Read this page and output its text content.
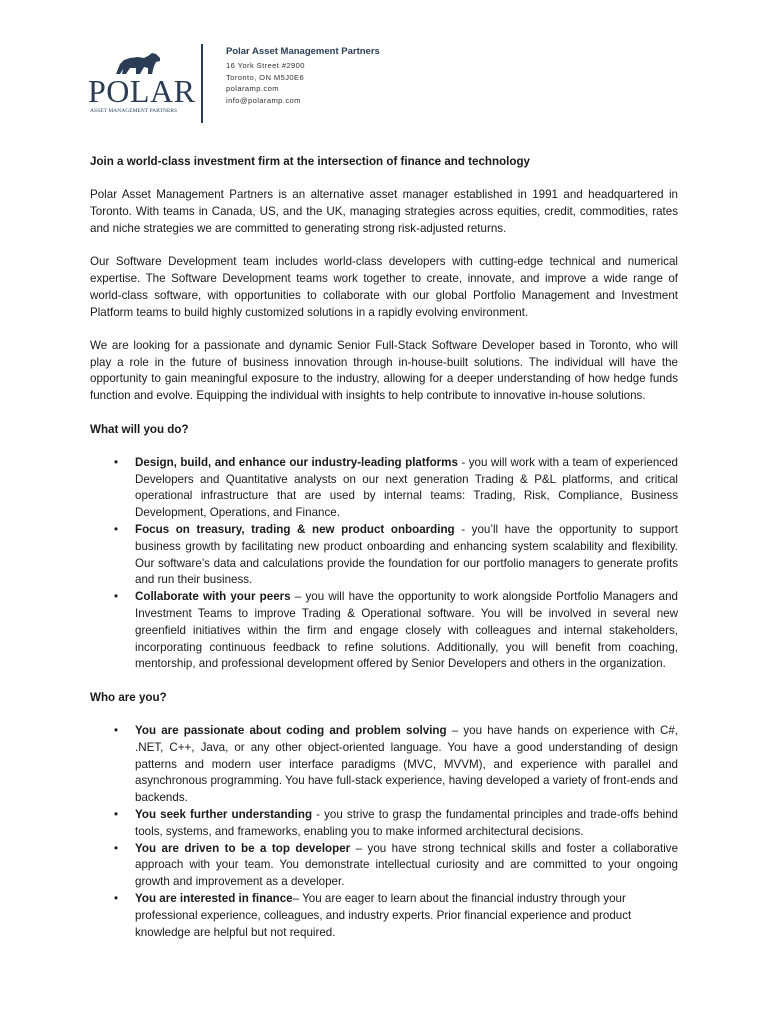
POLAR
ASSET MANAGEMENT PARTNERS
Polar Asset Management Partners
16 York Street #2900
Toronto, ON M5J0E6
polaramp.com
info@polaramp.com
Join a world-class investment firm at the intersection of finance and technology

Polar Asset Management Partners is an alternative asset manager established in 1991 and headquartered in Toronto. With teams in Canada, US, and the UK, managing strategies across equities, credit, commodities, rates and niche strategies we are committed to generating strong risk-adjusted returns.

Our Software Development team includes world-class developers with cutting-edge technical and numerical expertise. The Software Development teams work together to create, innovate, and improve a wide range of world-class software, with opportunities to collaborate with our global Portfolio Management and Investment Platform teams to build highly customized solutions in a rapidly evolving environment.

We are looking for a passionate and dynamic Senior Full-Stack Software Developer based in Toronto, who will play a role in the future of business innovation through in-house-built solutions. The individual will have the opportunity to gain meaningful exposure to the industry, allowing for a deeper understanding of how hedge funds function and evolve. Equipping the individual with insights to help contribute to innovative in-house solutions.

What will you do?
• Design, build, and enhance our industry-leading platforms - you will work with a team of experienced Developers and Quantitative analysts on our next generation Trading & P&L platforms, and critical operational infrastructure that are used by internal teams: Trading, Risk, Compliance, Business Development, Operations, and Finance.
• Focus on treasury, trading & new product onboarding - you’ll have the opportunity to support business growth by facilitating new product onboarding and enhancing system scalability and flexibility. Our software’s data and calculations provide the foundation for our portfolio managers to generate profits and run their business.
• Collaborate with your peers – you will have the opportunity to work alongside Portfolio Managers and Investment Teams to improve Trading & Operational software. You will be involved in several new greenfield initiatives within the firm and engage closely with colleagues and internal stakeholders, incorporating continuous feedback to refine solutions. Additionally, you will benefit from coaching, mentorship, and professional development offered by Senior Developers and others in the organization.
Who are you?
• You are passionate about coding and problem solving – you have hands on experience with C#, .NET, C++, Java, or any other object-oriented language. You have a good understanding of design patterns and modern user interface paradigms (MVC, MVVM), and experience with parallel and asynchronous programming. You have full-stack experience, having developed a variety of front-ends and backends.
• You seek further understanding - you strive to grasp the fundamental principles and trade-offs behind tools, systems, and frameworks, enabling you to make informed architectural decisions.
• You are driven to be a top developer – you have strong technical skills and foster a collaborative approach with your team. You demonstrate intellectual curiosity and are committed to your ongoing growth and improvement as a developer.
• You are interested in finance– You are eager to learn about the financial industry through your professional experience, colleagues, and industry experts. Prior financial experience and product knowledge are helpful but not required.
